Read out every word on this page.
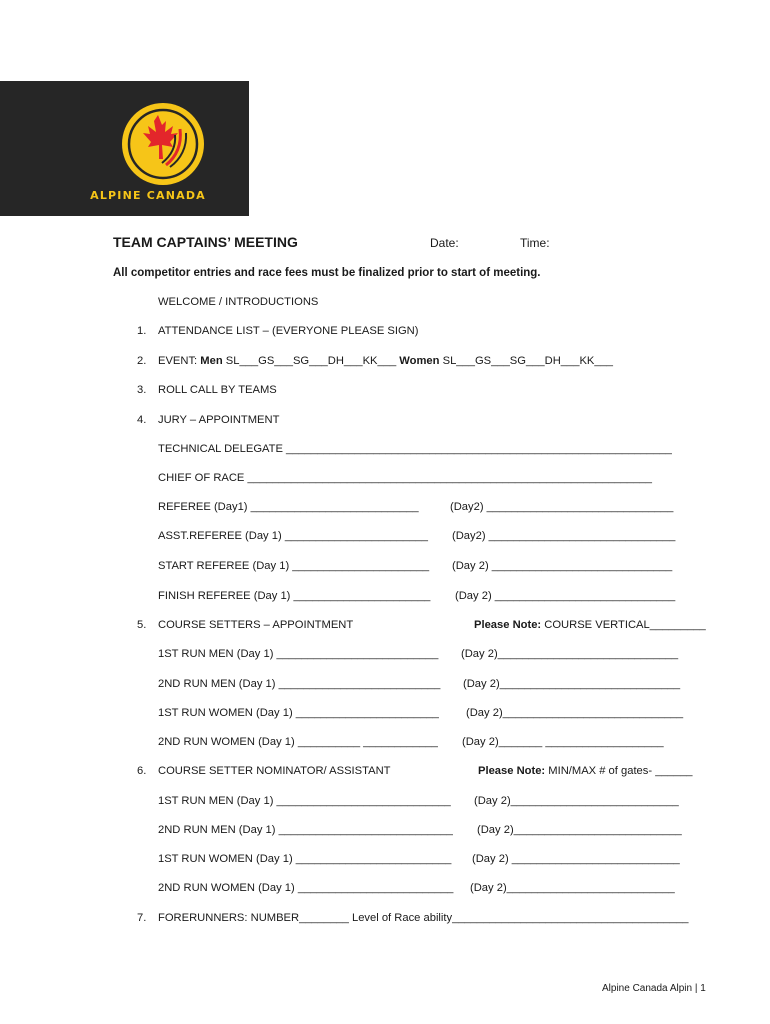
ALPINE CANADA
TEAM CAPTAINS’ MEETING	Date:	Time:
All competitor entries and race fees must be finalized prior to start of meeting.
WELCOME / INTRODUCTIONS
1. ATTENDANCE LIST – (EVERYONE PLEASE SIGN)
2. EVENT: Men SL___GS___SG___DH___KK___ Women SL___GS___SG___DH___KK___
3. ROLL CALL BY TEAMS
4. JURY – APPOINTMENT
TECHNICAL DELEGATE ______________________________________________________________
CHIEF OF RACE _________________________________________________________________
REFEREE (Day1) ___________________________	(Day2) ______________________________
ASST.REFEREE (Day 1) _______________________ (Day2) ______________________________
START REFEREE (Day 1) ______________________ (Day 2) _____________________________
FINISH REFEREE (Day 1) ______________________ (Day 2) _____________________________
5. COURSE SETTERS – APPOINTMENT	Please Note: COURSE VERTICAL_________
1ST RUN MEN (Day 1) __________________________ (Day 2)_____________________________
2ND RUN MEN (Day 1) __________________________ (Day 2)_____________________________
1ST RUN WOMEN (Day 1) _______________________ (Day 2)_____________________________
2ND RUN WOMEN (Day 1) __________ ____________ (Day 2)_______ ___________________
6. COURSE SETTER NOMINATOR/ ASSISTANT	Please Note: MIN/MAX # of gates- ______
1ST RUN MEN (Day 1) ____________________________ (Day 2)___________________________
2ND RUN MEN (Day 1) ____________________________ (Day 2)___________________________
1ST RUN WOMEN (Day 1) _________________________ (Day 2) ___________________________
2ND RUN WOMEN (Day 1) _________________________ (Day 2)___________________________
7. FORERUNNERS: NUMBER________ Level of Race ability______________________________________
Alpine Canada Alpin | 1
